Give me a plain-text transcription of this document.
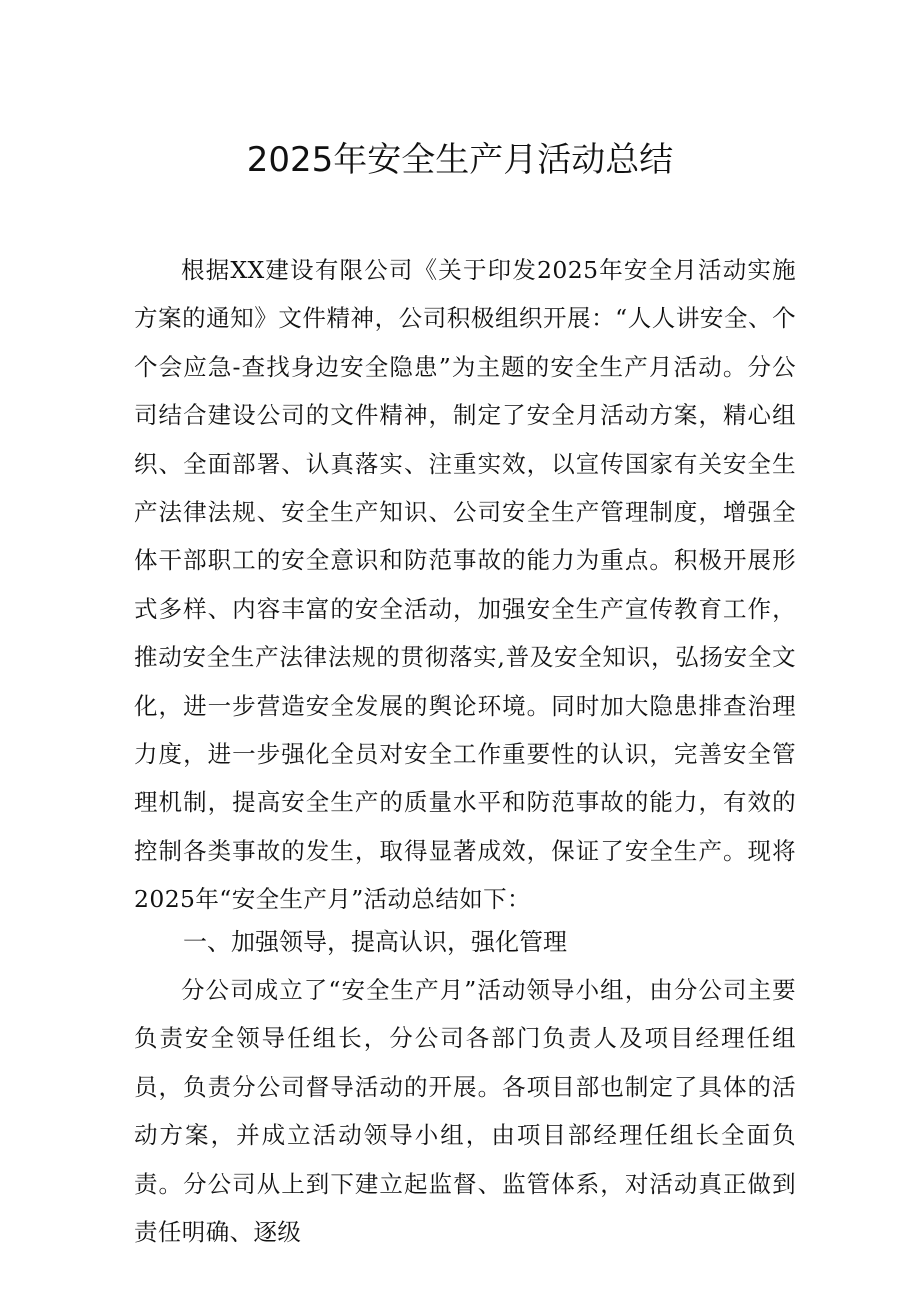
2025年安全生产月活动总结

根据XX建设有限公司《关于印发2025年安全月活动实施方案的通知》文件精神，公司积极组织开展：“人人讲安全、个个会应急-查找身边安全隐患”为主题的安全生产月活动。分公司结合建设公司的文件精神，制定了安全月活动方案，精心组织、全面部署、认真落实、注重实效，以宣传国家有关安全生产法律法规、安全生产知识、公司安全生产管理制度，增强全体干部职工的安全意识和防范事故的能力为重点。积极开展形式多样、内容丰富的安全活动，加强安全生产宣传教育工作，推动安全生产法律法规的贯彻落实,普及安全知识，弘扬安全文化，进一步营造安全发展的舆论环境。同时加大隐患排查治理力度，进一步强化全员对安全工作重要性的认识，完善安全管理机制，提高安全生产的质量水平和防范事故的能力，有效的控制各类事故的发生，取得显著成效，保证了安全生产。现将2025年“安全生产月”活动总结如下：

一、加强领导，提高认识，强化管理

分公司成立了“安全生产月”活动领导小组，由分公司主要负责安全领导任组长，分公司各部门负责人及项目经理任组员，负责分公司督导活动的开展。各项目部也制定了具体的活动方案，并成立活动领导小组，由项目部经理任组长全面负责。分公司从上到下建立起监督、监管体系，对活动真正做到责任明确、逐级
